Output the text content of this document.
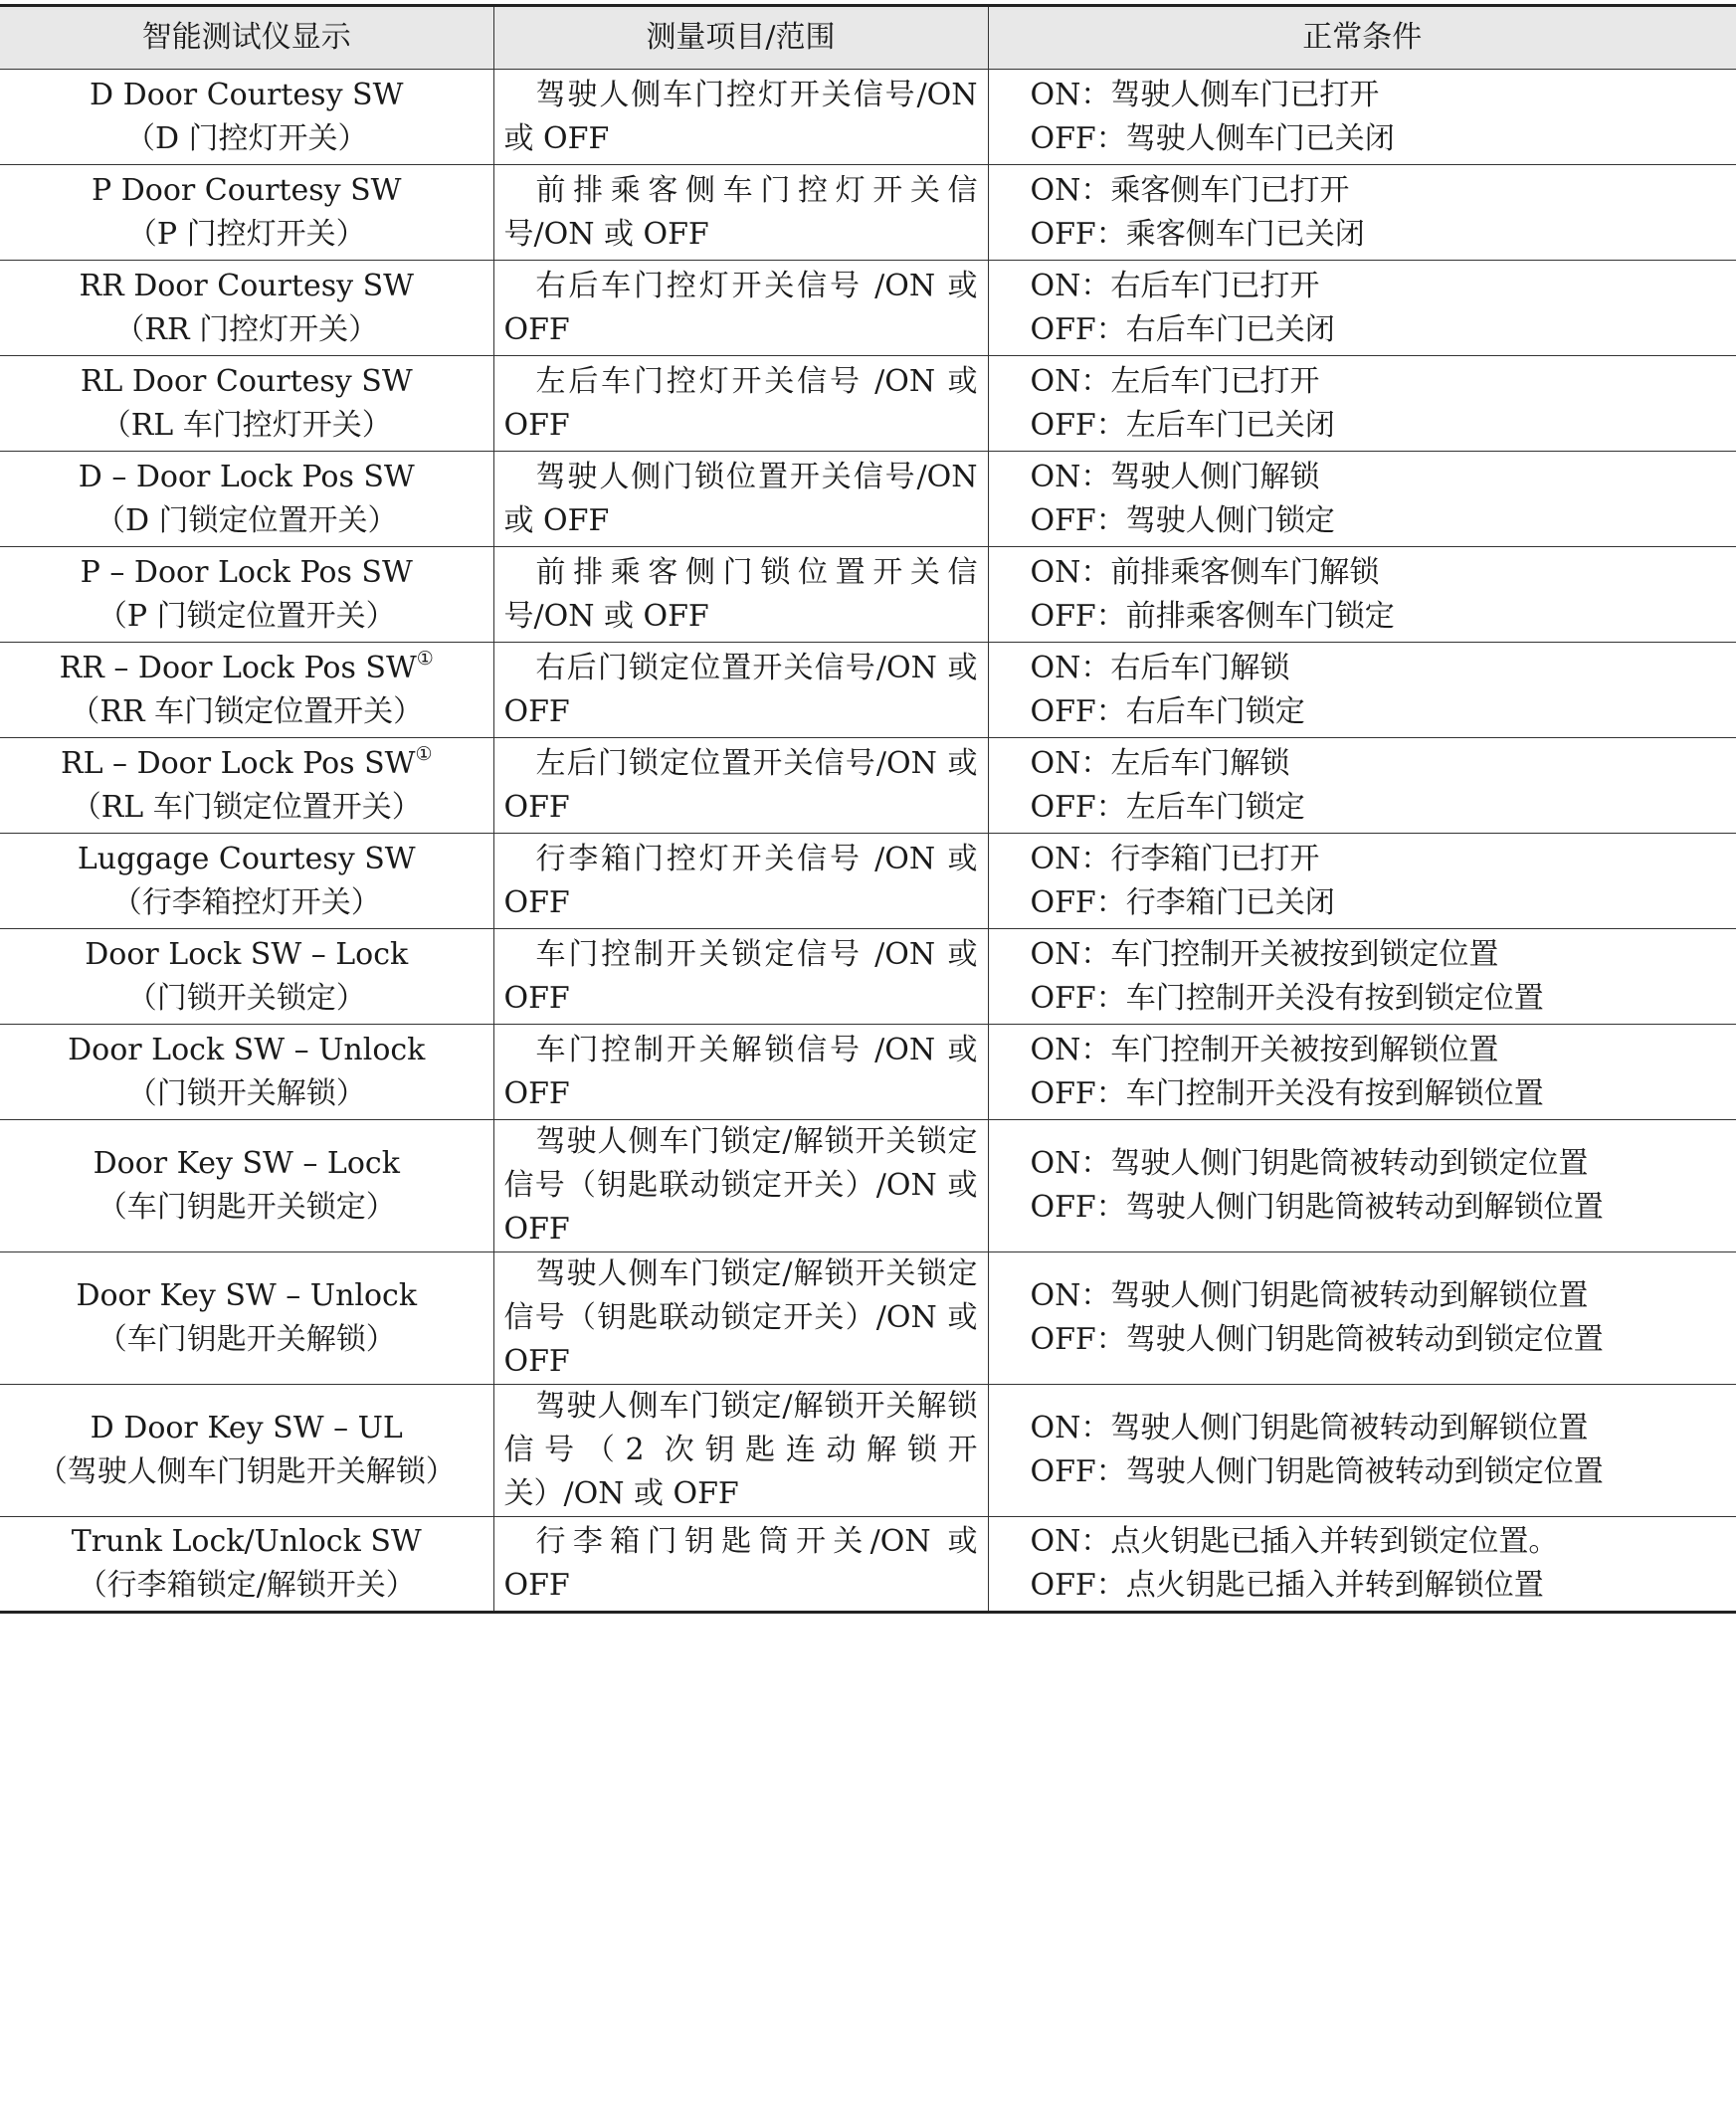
智能测试仪显示	测量项目/范围	正常条件

D Door Courtesy SW
（D 门控灯开关）	驾驶人侧车门控灯开关信号/ON 或 OFF	ON：驾驶人侧车门已打开
OFF：驾驶人侧车门已关闭

P Door Courtesy SW
（P 门控灯开关）	前排乘客侧车门控灯开关信号/ON 或 OFF	ON：乘客侧车门已打开
OFF：乘客侧车门已关闭

RR Door Courtesy SW
（RR 门控灯开关）	右后车门控灯开关信号 /ON 或 OFF	ON：右后车门已打开
OFF：右后车门已关闭

RL Door Courtesy SW
（RL 车门控灯开关）	左后车门控灯开关信号 /ON 或 OFF	ON：左后车门已打开
OFF：左后车门已关闭

D – Door Lock Pos SW
（D 门锁定位置开关）	驾驶人侧门锁位置开关信号/ON 或 OFF	ON：驾驶人侧门解锁
OFF：驾驶人侧门锁定

P – Door Lock Pos SW
（P 门锁定位置开关）	前排乘客侧门锁位置开关信号/ON 或 OFF	ON：前排乘客侧车门解锁
OFF：前排乘客侧车门锁定

RR – Door Lock Pos SW①
（RR 车门锁定位置开关）	右后门锁定位置开关信号/ON 或 OFF	ON：右后车门解锁
OFF：右后车门锁定

RL – Door Lock Pos SW①
（RL 车门锁定位置开关）	左后门锁定位置开关信号/ON 或 OFF	ON：左后车门解锁
OFF：左后车门锁定

Luggage Courtesy SW
（行李箱控灯开关）	行李箱门控灯开关信号 /ON 或 OFF	ON：行李箱门已打开
OFF：行李箱门已关闭

Door Lock SW – Lock
（门锁开关锁定）	车门控制开关锁定信号 /ON 或 OFF	ON：车门控制开关被按到锁定位置
OFF：车门控制开关没有按到锁定位置

Door Lock SW – Unlock
（门锁开关解锁）	车门控制开关解锁信号 /ON 或 OFF	ON：车门控制开关被按到解锁位置
OFF：车门控制开关没有按到解锁位置

Door Key SW – Lock
（车门钥匙开关锁定）	驾驶人侧车门锁定/解锁开关锁定信号（钥匙联动锁定开关）/ON 或 OFF	ON：驾驶人侧门钥匙筒被转动到锁定位置
OFF：驾驶人侧门钥匙筒被转动到解锁位置

Door Key SW – Unlock
（车门钥匙开关解锁）	驾驶人侧车门锁定/解锁开关锁定信号（钥匙联动锁定开关）/ON 或 OFF	ON：驾驶人侧门钥匙筒被转动到解锁位置
OFF：驾驶人侧门钥匙筒被转动到锁定位置

D Door Key SW – UL
（驾驶人侧车门钥匙开关解锁）	驾驶人侧车门锁定/解锁开关解锁信号（2 次钥匙连动解锁开关）/ON 或 OFF	ON：驾驶人侧门钥匙筒被转动到解锁位置
OFF：驾驶人侧门钥匙筒被转动到锁定位置

Trunk Lock/Unlock SW
（行李箱锁定/解锁开关）	行李箱门钥匙筒开关/ON 或 OFF	ON：点火钥匙已插入并转到锁定位置。
OFF：点火钥匙已插入并转到解锁位置
